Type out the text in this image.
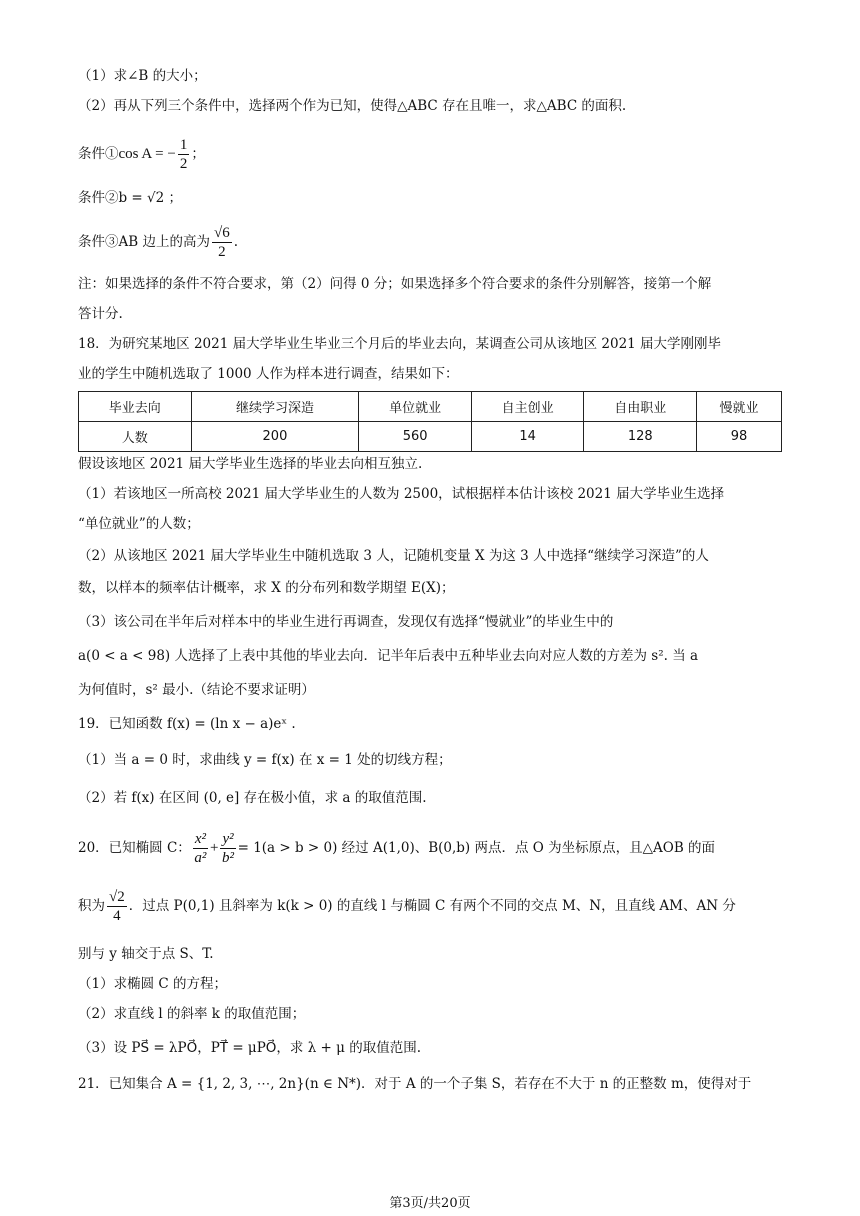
（1）求∠B 的大小；
（2）再从下列三个条件中，选择两个作为已知，使得△ABC 存在且唯一，求△ABC 的面积.
条件①cos A = − $\frac{1}{2}$ ；
条件②b = √2 ；
条件③AB 边上的高为 $\frac{√6}{2}$ .
注：如果选择的条件不符合要求，第（2）问得 0 分；如果选择多个符合要求的条件分别解答，接第一个解
答计分.
18．为研究某地区 2021 届大学毕业生毕业三个月后的毕业去向，某调查公司从该地区 2021 届大学刚刚毕
业的学生中随机选取了 1000 人作为样本进行调查，结果如下：
毕业去向	继续学习深造	单位就业	自主创业	自由职业	慢就业
人数	200	560	14	128	98
假设该地区 2021 届大学毕业生选择的毕业去向相互独立.
（1）若该地区一所高校 2021 届大学毕业生的人数为 2500，试根据样本估计该校 2021 届大学毕业生选择
“单位就业”的人数；
（2）从该地区 2021 届大学毕业生中随机选取 3 人，记随机变量 X 为这 3 人中选择“继续学习深造”的人
数，以样本的频率估计概率，求 X 的分布列和数学期望 E(X)；
（3）该公司在半年后对样本中的毕业生进行再调查，发现仅有选择“慢就业”的毕业生中的
a(0 < a < 98) 人选择了上表中其他的毕业去向．记半年后表中五种毕业去向对应人数的方差为 s². 当 a
为何值时，s² 最小.（结论不要求证明）
19．已知函数 f(x) = (ln x − a)eˣ .
（1）当 a = 0 时，求曲线 y = f(x) 在 x = 1 处的切线方程；
（2）若 f(x) 在区间 (0, e] 存在极小值，求 a 的取值范围.
20．已知椭圆 C： $\frac{\text{x²}}{\text{a²}} + \frac{\text{y²}}{\text{b²}} = 1(a > b > 0)$ 经过 A(1,0)、B(0,b) 两点．点 O 为坐标原点，且△AOB 的面
积为 $\frac{√2}{4}$ ．过点 P(0,1) 且斜率为 k(k > 0) 的直线 l 与椭圆 C 有两个不同的交点 M、N，且直线 AM、AN 分
别与 y 轴交于点 S、T.
（1）求椭圆 C 的方程；
（2）求直线 l 的斜率 k 的取值范围；
（3）设 PS⃗ = λPO⃗，PT⃗ = μPO⃗，求 λ + μ 的取值范围.
21．已知集合 A = {1, 2, 3, ⋯, 2n}(n ∈ N*)．对于 A 的一个子集 S，若存在不大于 n 的正整数 m，使得对于
第3页/共20页
